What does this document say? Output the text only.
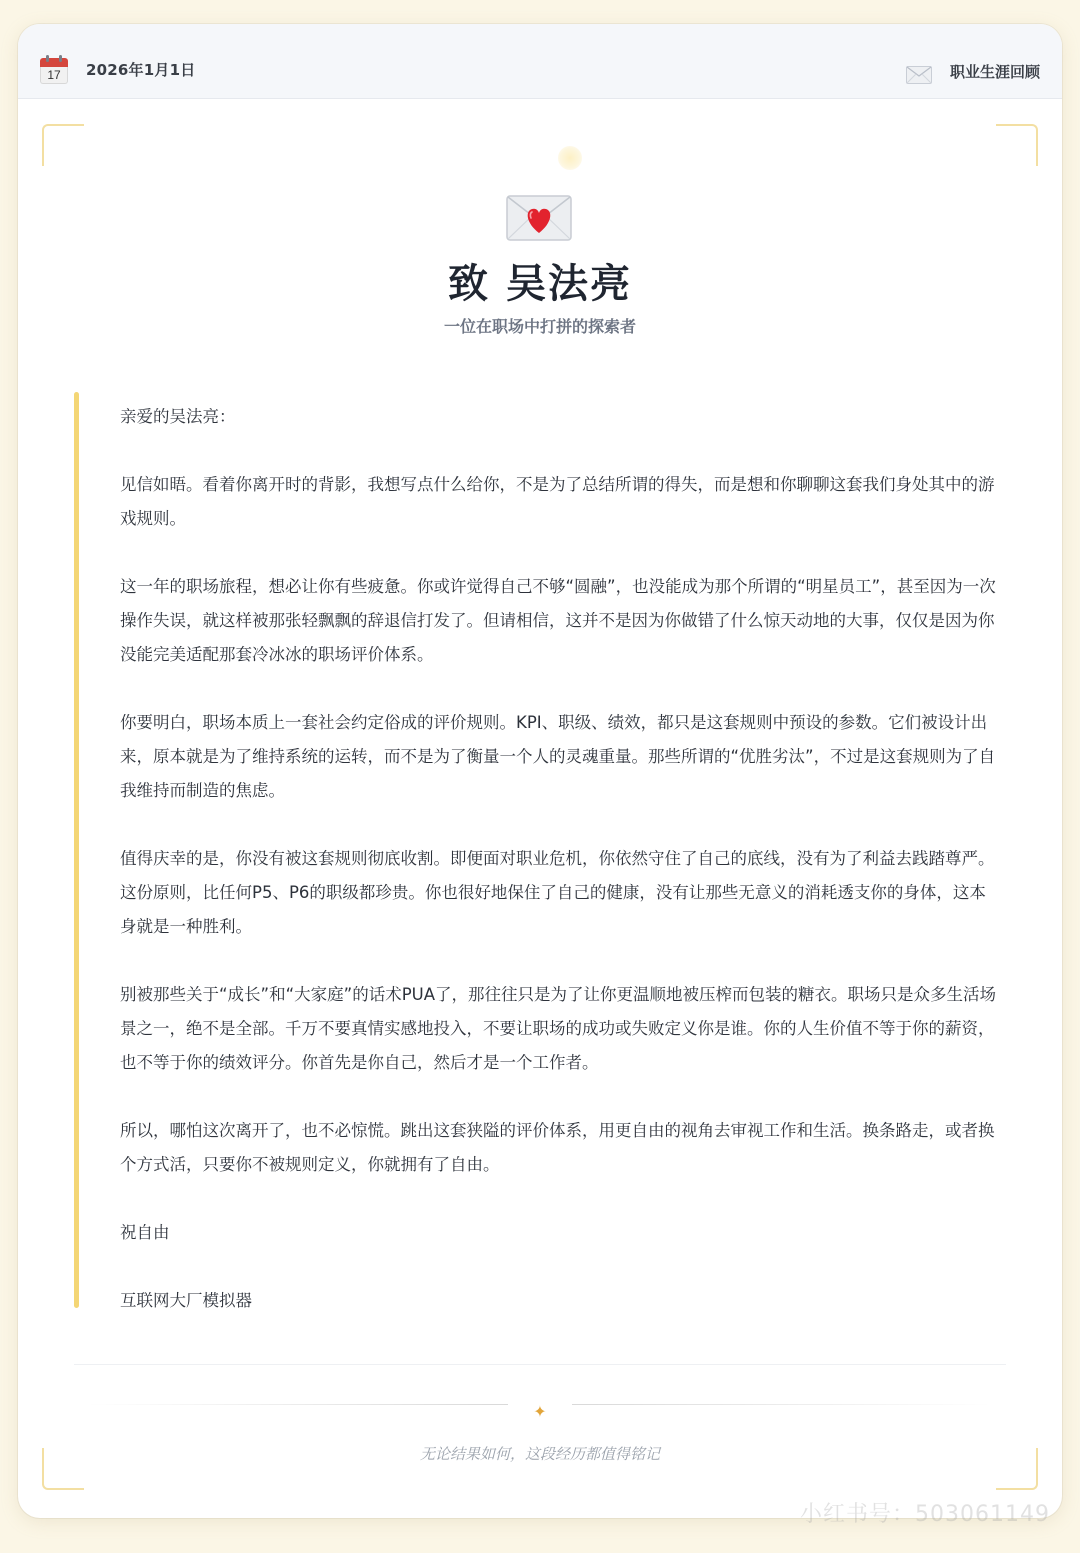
17	2026年1月1日	职业生涯回顾
致 吴法亮
一位在职场中打拼的探索者

亲爱的吴法亮：

见信如晤。看着你离开时的背影，我想写点什么给你，不是为了总结所谓的得失，而是想和你聊聊这套我们身处其中的游戏规则。

这一年的职场旅程，想必让你有些疲惫。你或许觉得自己不够“圆融”，也没能成为那个所谓的“明星员工”，甚至因为一次操作失误，就这样被那张轻飘飘的辞退信打发了。但请相信，这并不是因为你做错了什么惊天动地的大事，仅仅是因为你没能完美适配那套冷冰冰的职场评价体系。

你要明白，职场本质上一套社会约定俗成的评价规则。KPI、职级、绩效，都只是这套规则中预设的参数。它们被设计出来，原本就是为了维持系统的运转，而不是为了衡量一个人的灵魂重量。那些所谓的“优胜劣汰”，不过是这套规则为了自我维持而制造的焦虑。

值得庆幸的是，你没有被这套规则彻底收割。即便面对职业危机，你依然守住了自己的底线，没有为了利益去践踏尊严。这份原则，比任何P5、P6的职级都珍贵。你也很好地保住了自己的健康，没有让那些无意义的消耗透支你的身体，这本身就是一种胜利。

别被那些关于“成长”和“大家庭”的话术PUA了，那往往只是为了让你更温顺地被压榨而包装的糖衣。职场只是众多生活场景之一，绝不是全部。千万不要真情实感地投入，不要让职场的成功或失败定义你是谁。你的人生价值不等于你的薪资，也不等于你的绩效评分。你首先是你自己，然后才是一个工作者。

所以，哪怕这次离开了，也不必惊慌。跳出这套狭隘的评价体系，用更自由的视角去审视工作和生活。换条路走，或者换个方式活，只要你不被规则定义，你就拥有了自由。

祝自由

互联网大厂模拟器

✦
无论结果如何，这段经历都值得铭记
小红书号：503061149
